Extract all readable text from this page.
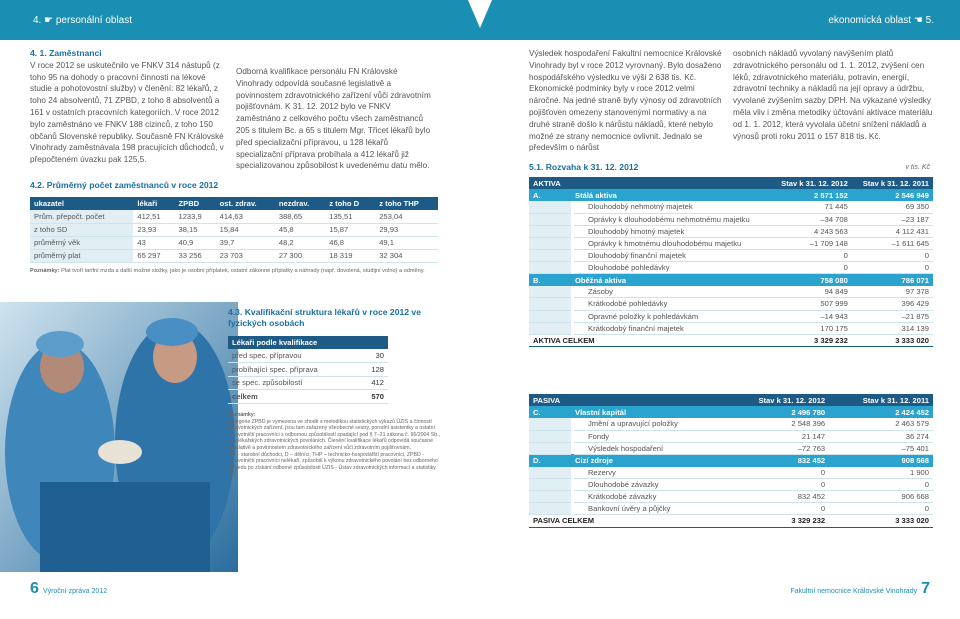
4. ☛ personální oblast	ekonomická oblast ☚ 5.
4. 1. Zaměstnanci
V roce 2012 se uskutečnilo ve FNKV 314 nástupů (z toho 95 na dohody o pracovní činnosti na lékové studie a pohotovostní služby) v členění: 82 lékařů, z toho 24 absolventů, 71 ZPBD, z toho 8 absolventů a 161 v ostatních pracovních kategoriích. V roce 2012 bylo zaměstnáno ve FNKV 188 cizinců, z toho 150 občanů Slovenské republiky. Současně FN Královské Vinohrady zaměstnávala 198 pracujících důchodců, v přepočteném úvazku pak 125,5.
Odborná kvalifikace personálu FN Královské Vinohrady odpovídá současné legislativě a povinnostem zdravotnického zařízení vůči zdravotním pojišťovnám. K 31. 12. 2012 bylo ve FNKV zaměstnáno z celkového počtu všech zaměstnanců 205 s titulem Bc. a 65 s titulem Mgr. Třicet lékařů bylo před specializační přípravou, u 128 lékařů specializační příprava probíhala a 412 lékařů již specializovanou způsobilost k uvedenému datu mělo.
4.2. Průměrný počet zaměstnanců v roce 2012
ukazatel	lékaři	ZPBD	ost. zdrav.	nezdrav.	z toho D	z toho THP
Prům. přepočt. počet	412,51	1233,9	414,63	388,65	135,51	253,04
z toho SD	23,93	38,15	15,84	45,8	15,87	29,93
průměrný věk	43	40,9	39,7	48,2	46,8	49,1
průměrný plat	65 297	33 256	23 703	27 300	18 319	32 304
Poznámky: Plat tvoří tarifní mzda a další možné složky, jako je osobní příplatek, ostatní zákonné příplatky a náhrady (např. dovolená, studijní volno) a odměny.
4.3. Kvalifikační struktura lékařů v roce 2012 ve fyzických osobách
Lékaři podle kvalifikace	
před spec. přípravou	30
probíhající spec. příprava	128
se spec. způsobilostí	412
celkem	570
Poznámky:
Kategorie ZPBD je vymezena ve shodě s metodikou statistických výkazů ÚZIS a činností zdravotnických zařízení, jsou tam zařazeny všeobecné sestry, porodní asistentky a ostatní zdravotničtí pracovníci s odbornou způsobilostí spadající pod § 7–21 zákona č. 96/2004 Sb., o nelékařských zdravotnických povoláních. Členění kvalifikace lékařů odpovídá současné legislativě a povinnostem zdravotnického zařízení vůči zdravotním pojišťovnám.
SD – starobní důchodci, D – dělníci, THP – technicko-hospodářští pracovníci, ZPBD - zdravotničtí pracovníci nelékaři, způsobilí k výkonu zdravotnického povolání bez odborného dohledu po získání odborné způsobilosti ÚZIS - Ústav zdravotnických informací a statistiky ČR
Výsledek hospodaření Fakultní nemocnice Královské Vinohrady byl v roce 2012 vyrovnaný. Bylo dosaženo hospodářského výsledku ve výši 2 638 tis. Kč. Ekonomické podmínky byly v roce 2012 velmi náročné. Na jedné straně byly výnosy od zdravotních pojišťoven omezeny stanovenými normativy a na druhé straně došlo k nárůstu nákladů, které nebylo možné ze strany nemocnice ovlivnit. Jednalo se především o nárůst
osobních nákladů vyvolaný navýšením platů zdravotnického personálu od 1. 1. 2012, zvýšení cen léků, zdravotnického materiálu, potravin, energií, zdravotní techniky a nákladů na její opravy a údržbu, vyvolané zvýšením sazby DPH. Na výkazané výsledky měla vliv i změna metodiky účtování aktivace materiálu od 1. 1. 2012, která vyvolala účetní snížení nákladů a výnosů proti roku 2011 o 157 818 tis. Kč.
5.1. Rozvaha k 31. 12. 2012	v tis. Kč
AKTIVA			Stav k 31. 12. 2012	Stav k 31. 12. 2011
A.	Stálá aktiva		2 571 152	2 546 949
		Dlouhodobý nehmotný majetek	71 445	69 350
		Oprávky k dlouhodobému nehmotnému majetku	–34 708	–23 187
		Dlouhodobý hmotný majetek	4 243 563	4 112 431
		Oprávky k hmotnému dlouhodobému majetku	–1 709 148	–1 611 645
		Dlouhodobý finanční majetek	0	0
		Dlouhodobé pohledávky	0	0
B.	Oběžná aktiva		758 080	786 071
		Zásoby	94 849	97 378
		Krátkodobé pohledávky	507 999	396 429
		Opravné položky k pohledávkám	–14 943	–21 875
		Krátkodobý finanční majetek	170 175	314 139
AKTIVA CELKEM			3 329 232	3 333 020
PASIVA			Stav k 31. 12. 2012	Stav k 31. 12. 2011
C.	Vlastní kapitál		2 496 780	2 424 452
		Jmění a upravující položky	2 548 396	2 463 579
		Fondy	21 147	36 274
		Výsledek hospodaření	–72 763	–75 401
D.	Cizí zdroje		832 452	908 568
		Rezervy	0	1 900
		Dlouhodobé závazky	0	0
		Krátkodobé závazky	832 452	906 668
		Bankovní úvěry a půjčky	0	0
PASIVA CELKEM			3 329 232	3 333 020
6 Výroční zpráva 2012	Fakultní nemocnice Královské Vinohrady 7
